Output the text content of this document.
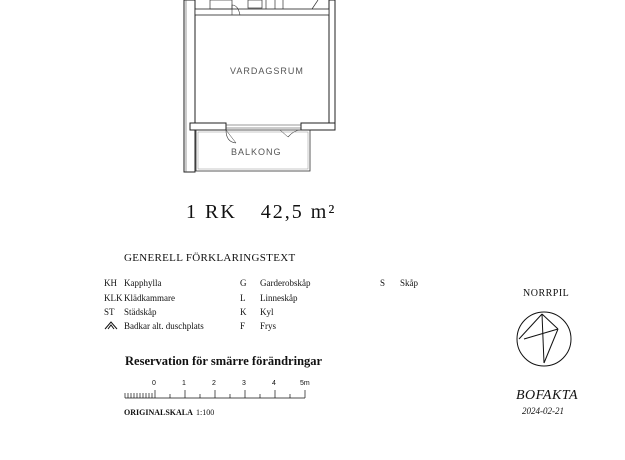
VARDAGSRUM
BALKONG
1 RK 42,5 m²
GENERELL FÖRKLARINGSTEXT
KH Kapphylla
KLK Klädkammare
ST Städskåp
Badkar alt. duschplats
G Garderobskåp
L Linneskåp
K Kyl
F Frys
S Skåp
Reservation för smärre förändringar
0	1	2	3	4	5m
ORIGINALSKALA 1:100
NORRPIL
BOFAKTA
2024-02-21
